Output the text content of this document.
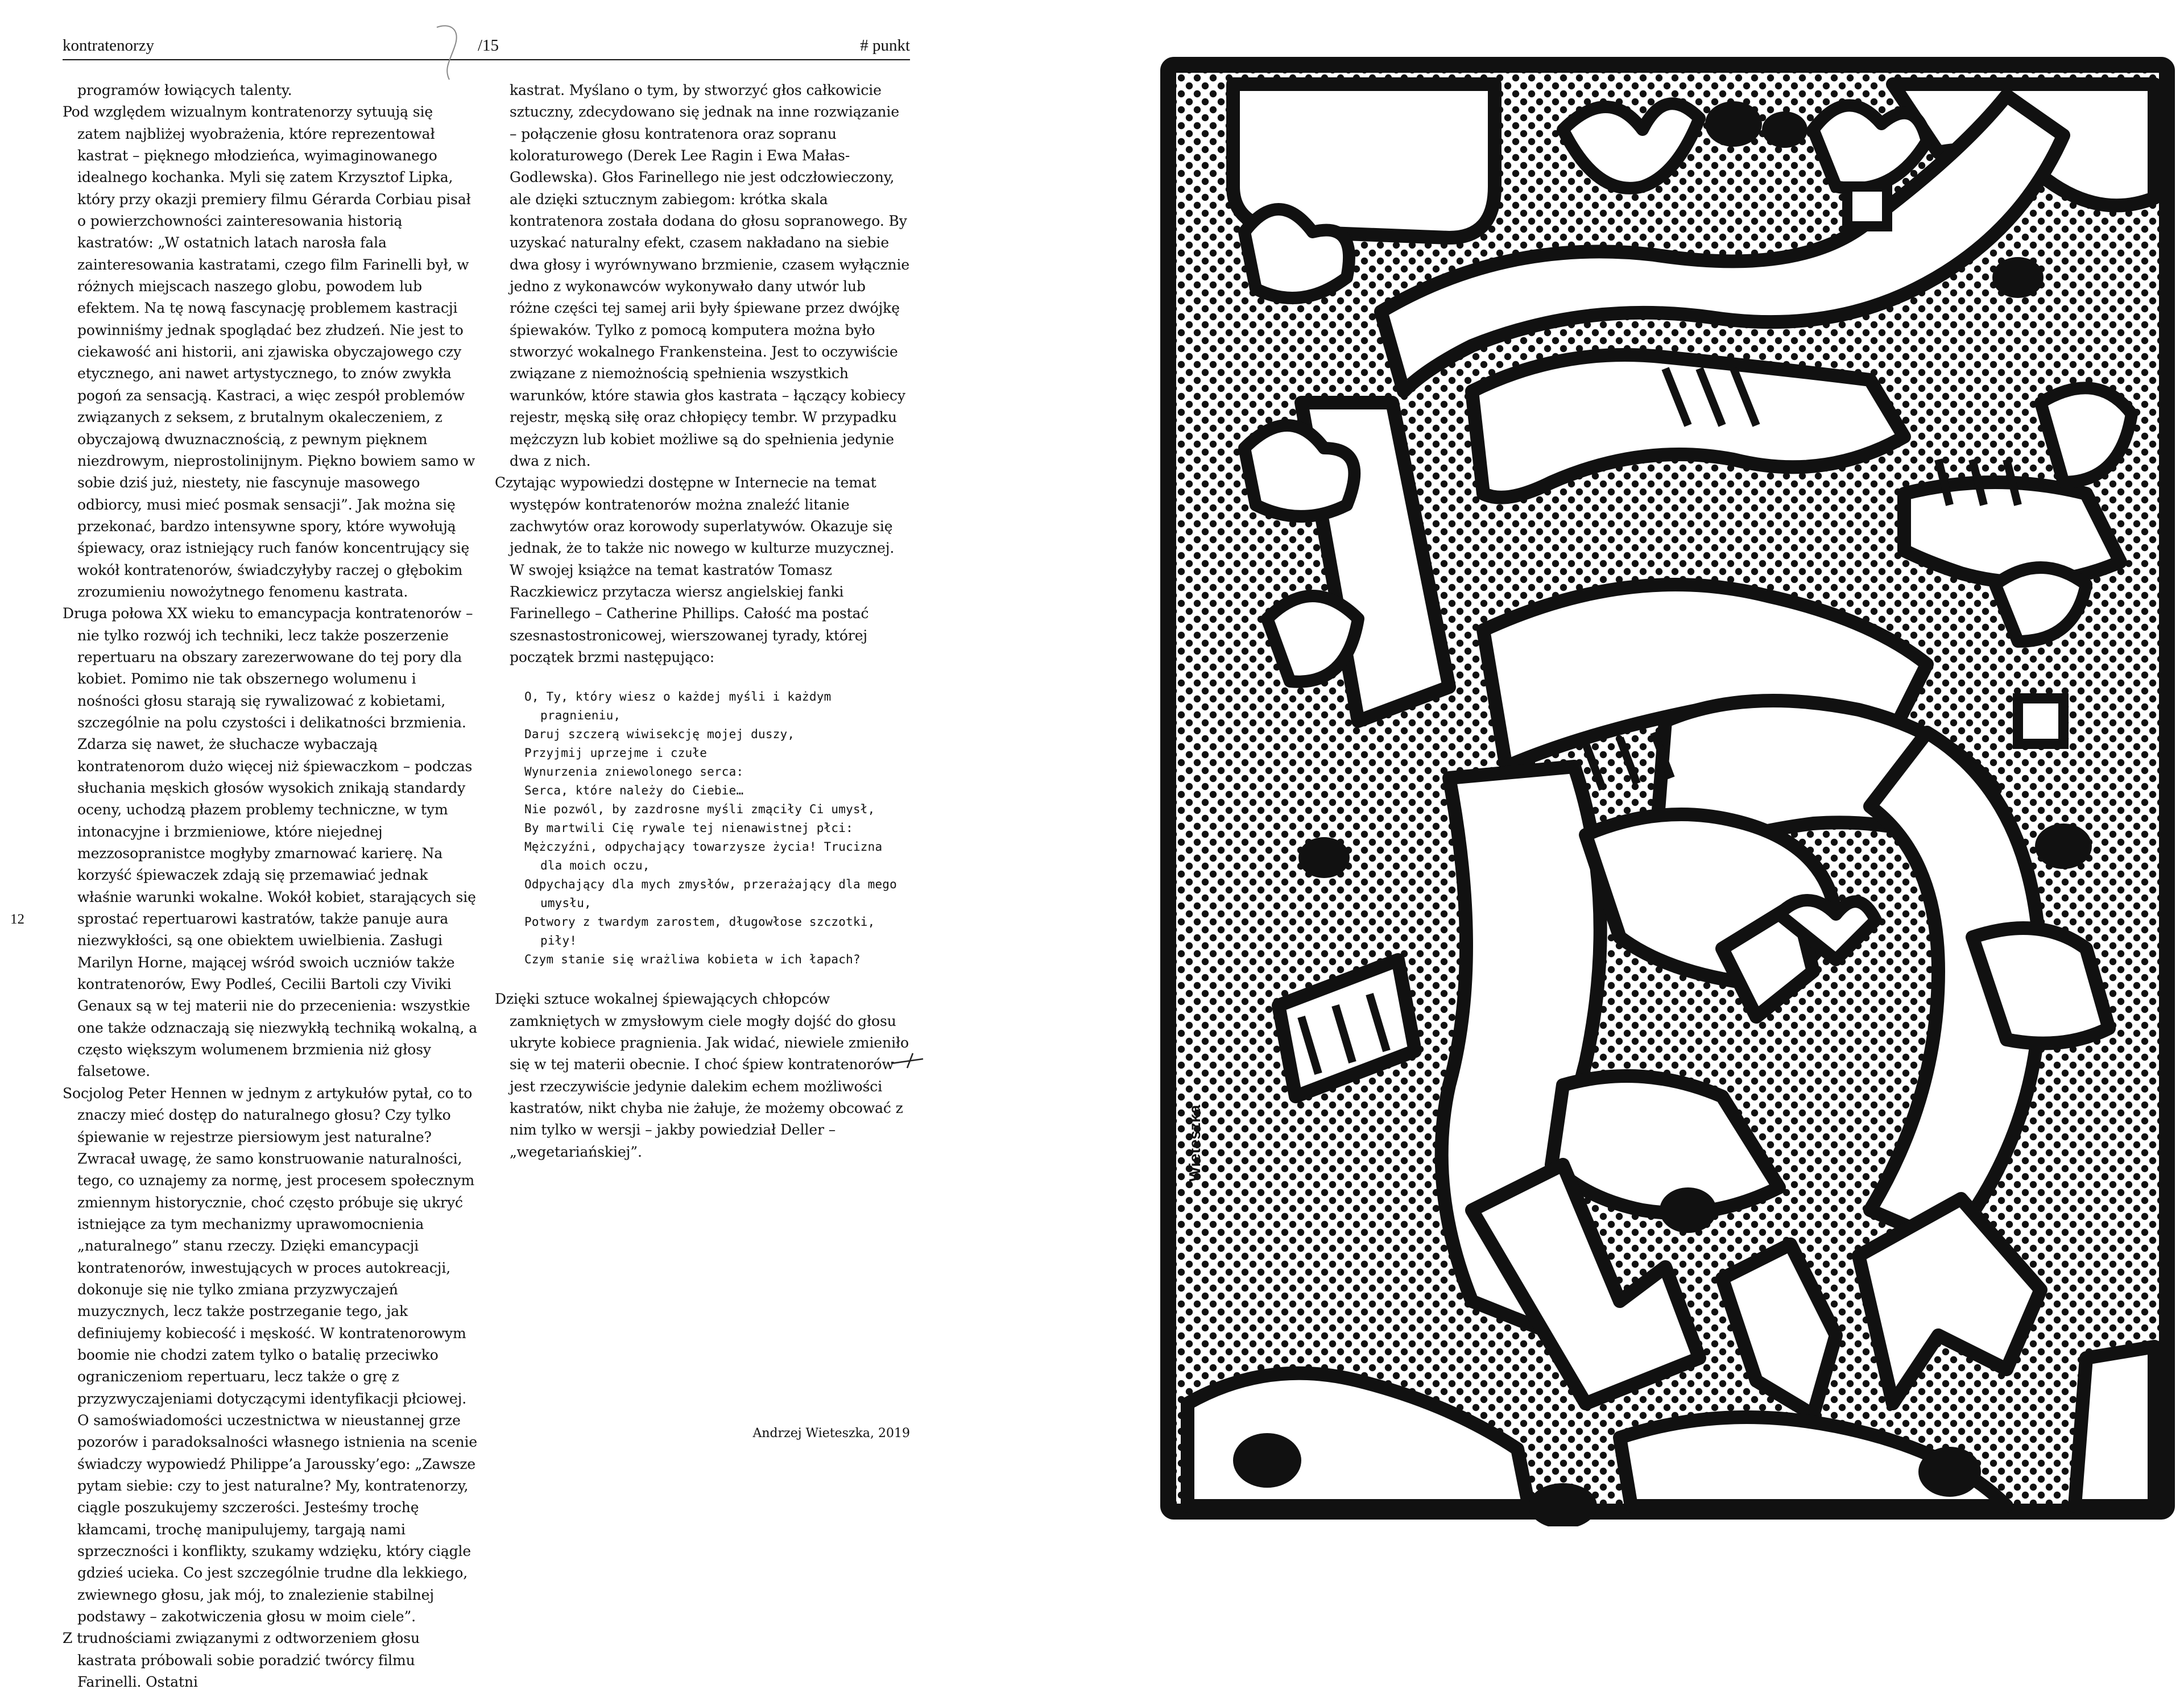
kontratenorzy	/15	# punkt

programów łowiących talenty.

Pod względem wizualnym kontratenorzy sytuują się zatem najbliżej wyobrażenia, które reprezentował kastrat – pięknego młodzieńca, wyimaginowanego idealnego kochanka. Myli się zatem Krzysztof Lipka, który przy okazji premiery filmu Gérarda Corbiau pisał o powierzchowności zainteresowania historią kastratów: „W ostatnich latach narosła fala zainteresowania kastratami, czego film Farinelli był, w różnych miejscach naszego globu, powodem lub efektem. Na tę nową fascynację problemem kastracji powinniśmy jednak spoglądać bez złudzeń. Nie jest to ciekawość ani historii, ani zjawiska obyczajowego czy etycznego, ani nawet artystycznego, to znów zwykła pogoń za sensacją. Kastraci, a więc zespół problemów związanych z seksem, z brutalnym okaleczeniem, z obyczajową dwuznacznością, z pewnym pięknem niezdrowym, nieprostolinijnym. Piękno bowiem samo w sobie dziś już, niestety, nie fascynuje masowego odbiorcy, musi mieć posmak sensacji”. Jak można się przekonać, bardzo intensywne spory, które wywołują śpiewacy, oraz istniejący ruch fanów koncentrujący się wokół kontratenorów, świadczyłyby raczej o głębokim zrozumieniu nowożytnego fenomenu kastrata.

Druga połowa XX wieku to emancypacja kontratenorów – nie tylko rozwój ich techniki, lecz także poszerzenie repertuaru na obszary zarezerwowane do tej pory dla kobiet. Pomimo nie tak obszernego wolumenu i nośności głosu starają się rywalizować z kobietami, szczególnie na polu czystości i delikatności brzmienia. Zdarza się nawet, że słuchacze wybaczają kontratenorom dużo więcej niż śpiewaczkom – podczas słuchania męskich głosów wysokich znikają standardy oceny, uchodzą płazem problemy techniczne, w tym intonacyjne i brzmieniowe, które niejednej mezzosopranistce mogłyby zmarnować karierę. Na korzyść śpiewaczek zdają się przemawiać jednak właśnie warunki wokalne. Wokół kobiet, starających się sprostać repertuarowi kastratów, także panuje aura niezwykłości, są one obiektem uwielbienia. Zasługi Marilyn Horne, mającej wśród swoich uczniów także kontratenorów, Ewy Podleś, Cecilii Bartoli czy Viviki Genaux są w tej materii nie do przecenienia: wszystkie one także odznaczają się niezwykłą techniką wokalną, a często większym wolumenem brzmienia niż głosy falsetowe.

Socjolog Peter Hennen w jednym z artykułów pytał, co to znaczy mieć dostęp do naturalnego głosu? Czy tylko śpiewanie w rejestrze piersiowym jest naturalne? Zwracał uwagę, że samo konstruowanie naturalności, tego, co uznajemy za normę, jest procesem społecznym zmiennym historycznie, choć często próbuje się ukryć istniejące za tym mechanizmy uprawomocnienia „naturalnego” stanu rzeczy. Dzięki emancypacji kontratenorów, inwestujących w proces autokreacji, dokonuje się nie tylko zmiana przyzwyczajeń muzycznych, lecz także postrzeganie tego, jak definiujemy kobiecość i męskość. W kontratenorowym boomie nie chodzi zatem tylko o batalię przeciwko ograniczeniom repertuaru, lecz także o grę z przyzwyczajeniami dotyczącymi identyfikacji płciowej. O samoświadomości uczestnictwa w nieustannej grze pozorów i paradoksalności własnego istnienia na scenie świadczy wypowiedź Philippe’a Jaroussky’ego: „Zawsze pytam siebie: czy to jest naturalne? My, kontratenorzy, ciągle poszukujemy szczerości. Jesteśmy trochę kłamcami, trochę manipulujemy, targają nami sprzeczności i konflikty, szukamy wdzięku, który ciągle gdzieś ucieka. Co jest szczególnie trudne dla lekkiego, zwiewnego głosu, jak mój, to znalezienie stabilnej podstawy – zakotwiczenia głosu w moim ciele”.

Z trudnościami związanymi z odtworzeniem głosu kastrata próbowali sobie poradzić twórcy filmu Farinelli. Ostatni

kastrat. Myślano o tym, by stworzyć głos całkowicie sztuczny, zdecydowano się jednak na inne rozwiązanie – połączenie głosu kontratenora oraz sopranu koloraturowego (Derek Lee Ragin i Ewa Małas-Godlewska). Głos Farinellego nie jest odczłowieczony, ale dzięki sztucznym zabiegom: krótka skala kontratenora została dodana do głosu sopranowego. By uzyskać naturalny efekt, czasem nakładano na siebie dwa głosy i wyrównywano brzmienie, czasem wyłącznie jedno z wykonawców wykonywało dany utwór lub różne części tej samej arii były śpiewane przez dwójkę śpiewaków. Tylko z pomocą komputera można było stworzyć wokalnego Frankensteina. Jest to oczywiście związane z niemożnością spełnienia wszystkich warunków, które stawia głos kastrata – łączący kobiecy rejestr, męską siłę oraz chłopięcy tembr. W przypadku mężczyzn lub kobiet możliwe są do spełnienia jedynie dwa z nich.

Czytając wypowiedzi dostępne w Internecie na temat występów kontratenorów można znaleźć litanie zachwytów oraz korowody superlatywów. Okazuje się jednak, że to także nic nowego w kulturze muzycznej. W swojej książce na temat kastratów Tomasz Raczkiewicz przytacza wiersz angielskiej fanki Farinellego – Catherine Phillips. Całość ma postać szesnastostronicowej, wierszowanej tyrady, której początek brzmi następująco:

O, Ty, który wiesz o każdej myśli i każdym pragnieniu,
Daruj szczerą wiwisekcję mojej duszy,
Przyjmij uprzejme i czułe
Wynurzenia zniewolonego serca:
Serca, które należy do Ciebie…
Nie pozwól, by zazdrosne myśli zmąciły Ci umysł,
By martwili Cię rywale tej nienawistnej płci:
Mężczyźni, odpychający towarzysze życia! Trucizna dla moich oczu,
Odpychający dla mych zmysłów, przerażający dla mego umysłu,
Potwory z twardym zarostem, długowłose szczotki, piły!
Czym stanie się wrażliwa kobieta w ich łapach?

Dzięki sztuce wokalnej śpiewających chłopców zamkniętych w zmysłowym ciele mogły dojść do głosu ukryte kobiece pragnienia. Jak widać, niewiele zmieniło się w tej materii obecnie. I choć śpiew kontratenorów jest rzeczywiście jedynie dalekim echem możliwości kastratów, nikt chyba nie żałuje, że możemy obcować z nim tylko w wersji – jakby powiedział Deller – „wegetariańskiej”.

12
Andrzej Wieteszka, 2019
Wieteszka
